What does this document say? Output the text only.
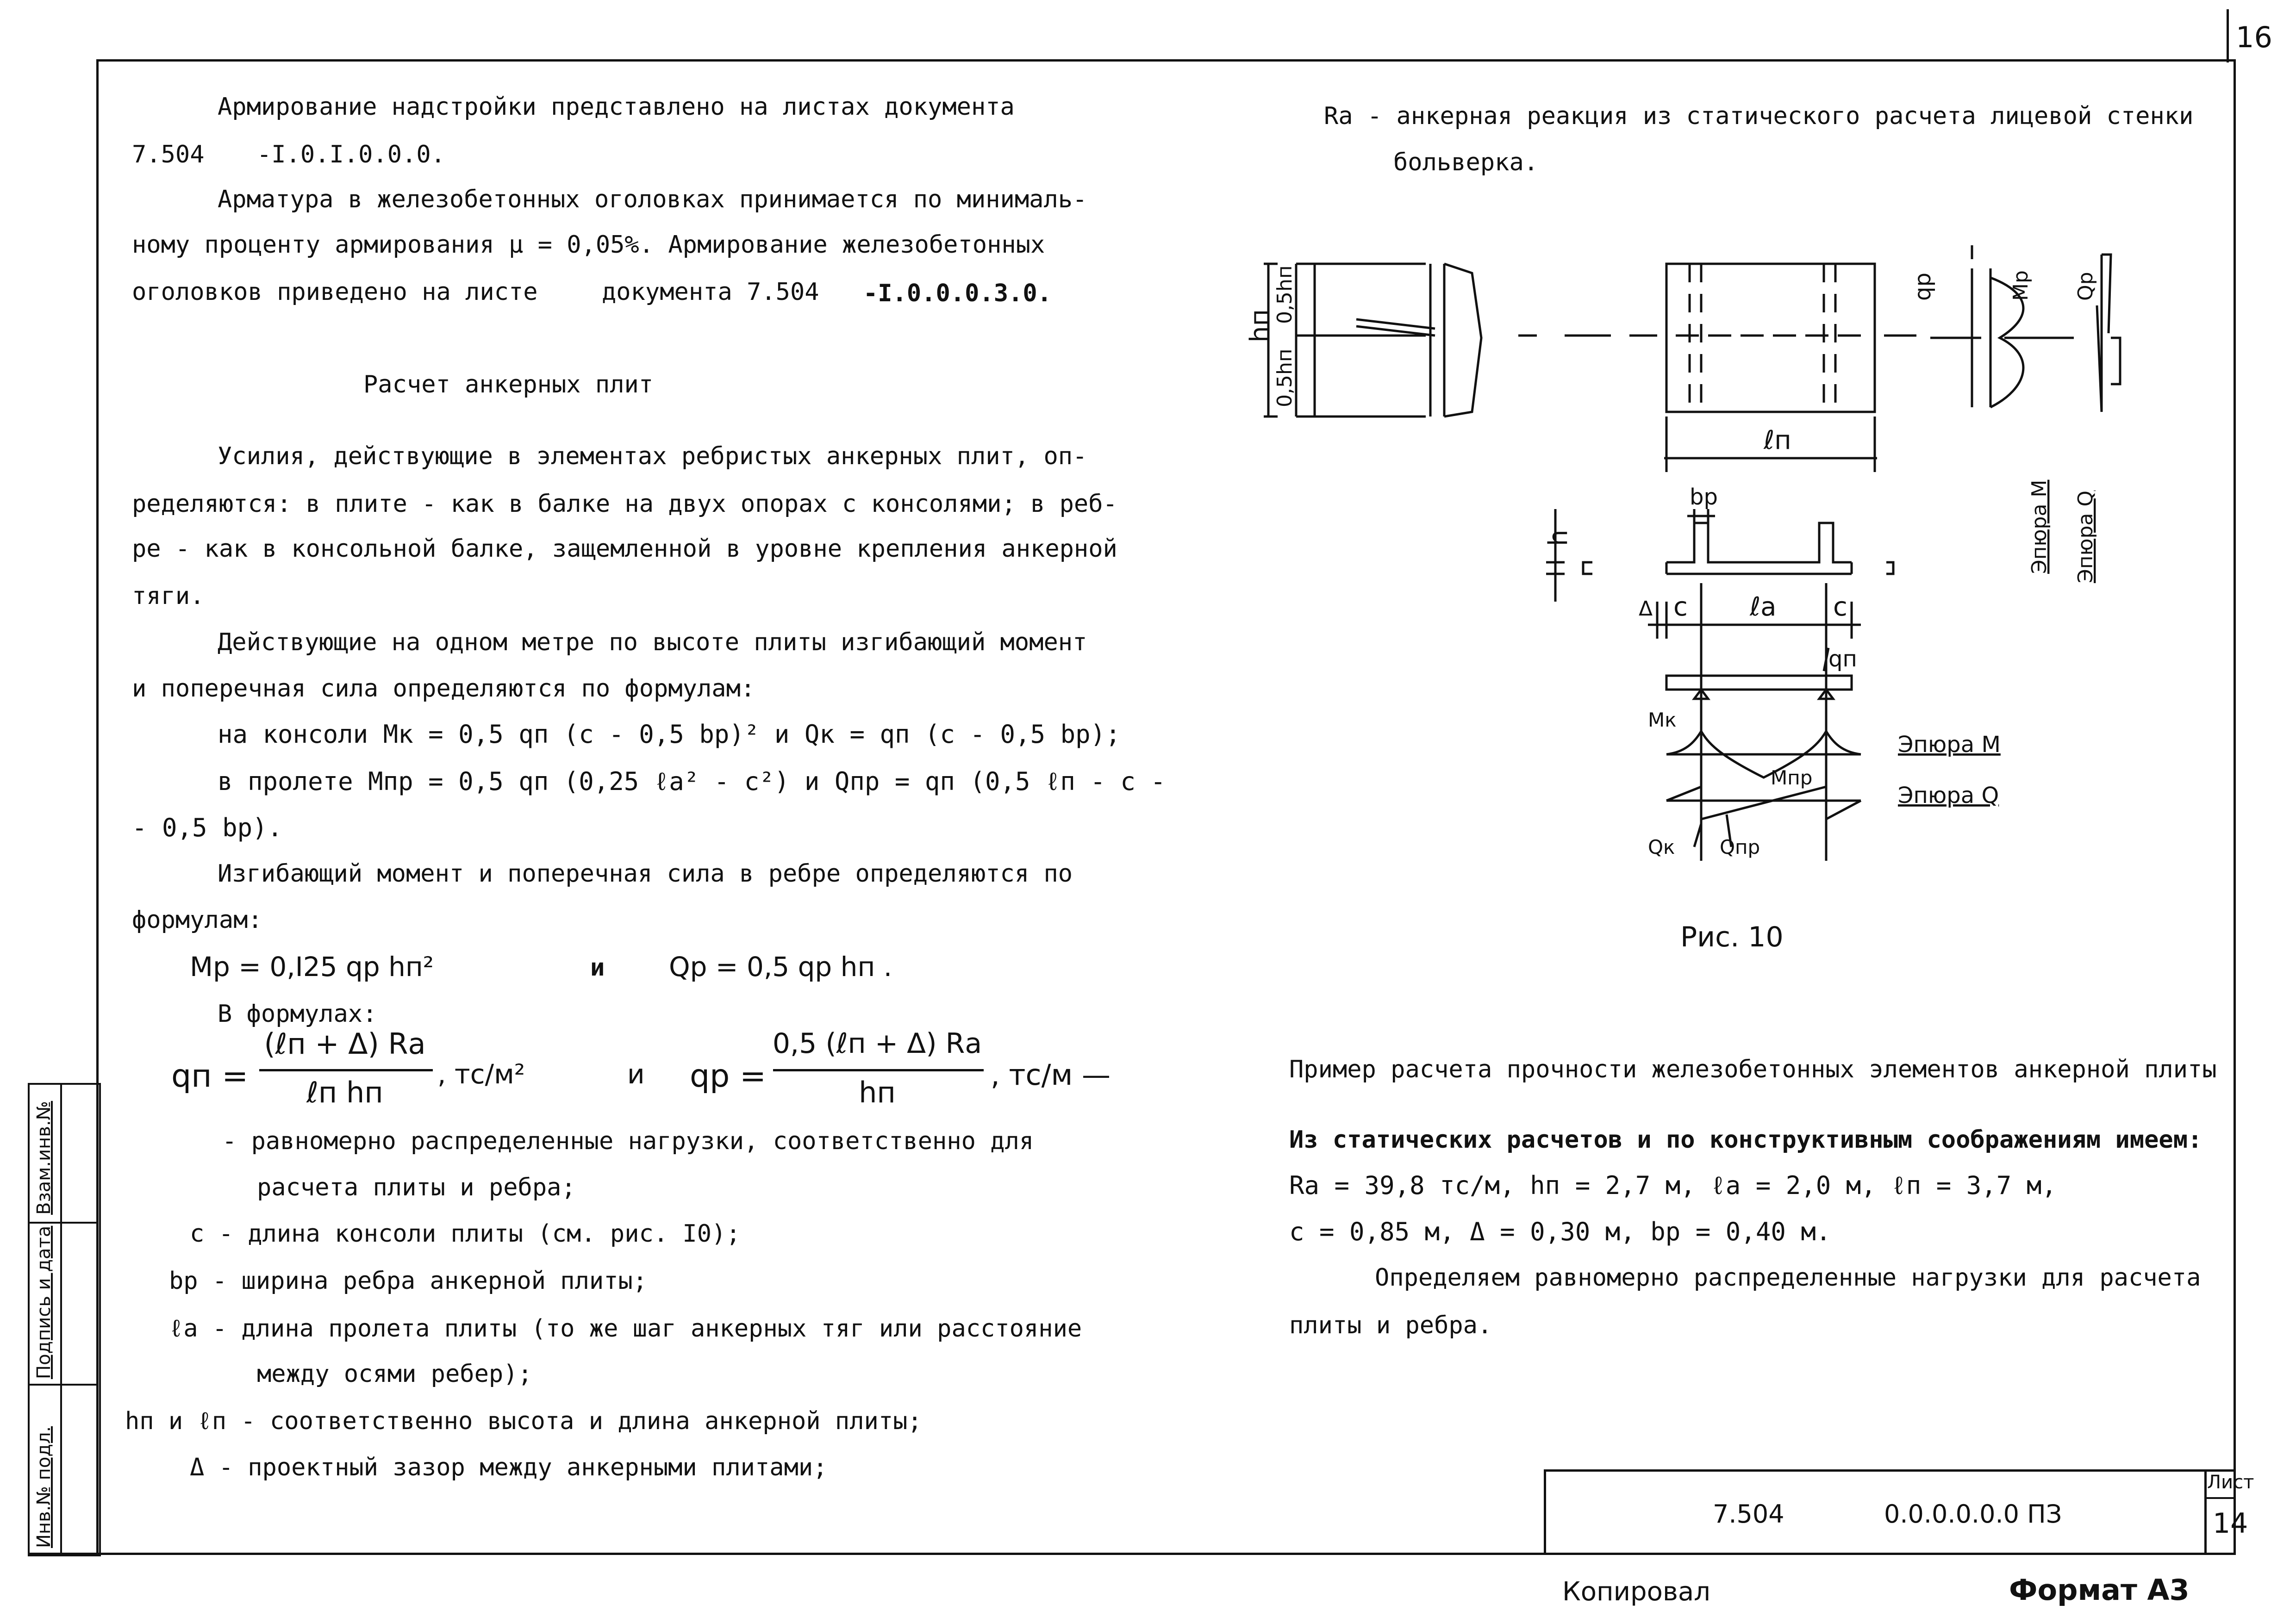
16
Инв.№ подл.
Подпись и дата
Взам.инв.№
7.504	0.0.0.0.0.0 ПЗ
Лист
14
Копировал	Формат А3
Армирование надстройки представлено на листах документа
7.504 -I.0.I.0.0.0.
Арматура в железобетонных оголовках принимается по минималь-
ному проценту армирования μ = 0,05%. Армирование железобетонных
оголовков приведено на листе	документа 7.504 -I.0.0.0.3.0.
Расчет анкерных плит
Усилия, действующие в элементах ребристых анкерных плит, оп-
ределяются: в плите - как в балке на двух опорах с консолями; в реб-
ре - как в консольной балке, защемленной в уровне крепления анкерной
тяги.
Действующие на одном метре по высоте плиты изгибающий момент
и поперечная сила определяются по формулам:
на консоли Mк = 0,5 qп (c - 0,5 bр)² и Qк = qп (c - 0,5 bр);
в пролете Mпр = 0,5 qп (0,25 ℓа² - c²) и Qпр = qп (0,5 ℓп - c -
- 0,5 bр).
Изгибающий момент и поперечная сила в ребре определяются по
формулам:
Mр = 0,I25 qр hп²	и Qр = 0,5 qр hп .
В формулах:
qп =
(ℓп + Δ) Rа
ℓп hп
, тс/м²	и qр =
0,5 (ℓп + Δ) Rа
hп
, тс/м —
- равномерно распределенные нагрузки, соответственно для
расчета плиты и ребра;
c - длина консоли плиты (см. рис. I0);
bр - ширина ребра анкерной плиты;
ℓа - длина пролета плиты (то же шаг анкерных тяг или расстояние
между осями ребер);
hп и ℓп - соответственно высота и длина анкерной плиты;
Δ - проектный зазор между анкерными плитами;
Rа - анкерная реакция из статического расчета лицевой стенки
больверка.
Рис. 10
Пример расчета прочности железобетонных элементов анкерной плиты
Из статических расчетов и по конструктивным соображениям имеем:
Rа = 39,8 тс/м, hп = 2,7 м, ℓа = 2,0 м, ℓп = 3,7 м,
c = 0,85 м, Δ = 0,30 м, bр = 0,40 м.
Определяем равномерно распределенные нагрузки для расчета
плиты и ребра.
hп
0,5hп
0,5hп
ℓп
bр
h
Δ c ℓа c
qп
qр	Mр Qр
Mк
Mпр
Qк Qпр
Эпюра M
Эпюра Q
Эпюра M Эпюра Q
